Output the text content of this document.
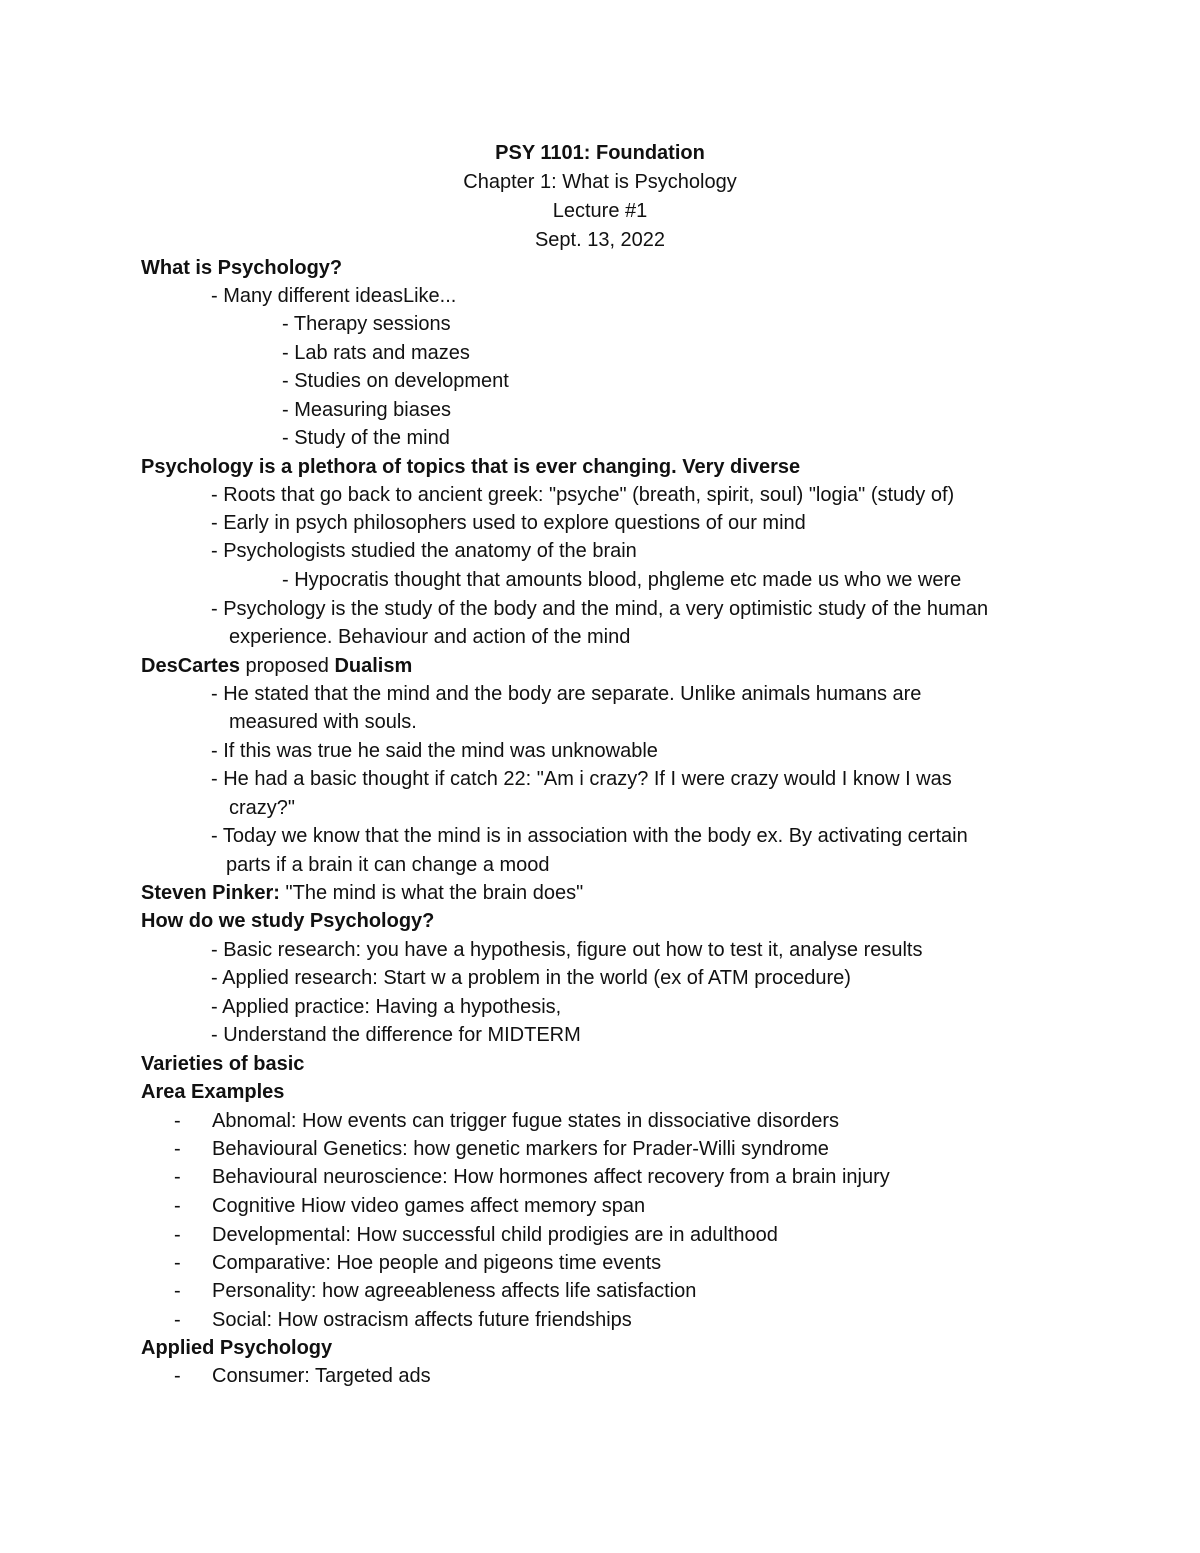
PSY 1101: Foundation
Chapter 1: What is Psychology
Lecture #1
Sept. 13, 2022
What is Psychology?
- Many different ideasLike...
- Therapy sessions
- Lab rats and mazes
- Studies on development
- Measuring biases
- Study of the mind
Psychology is a plethora of topics that is ever changing. Very diverse
- Roots that go back to ancient greek: "psyche" (breath, spirit, soul) "logia" (study of)
- Early in psych philosophers used to explore questions of our mind
- Psychologists studied the anatomy of the brain
- Hypocratis thought that amounts blood, phgleme etc made us who we were
- Psychology is the study of the body and the mind, a very optimistic study of the human
experience. Behaviour and action of the mind
DesCartes proposed Dualism
- He stated that the mind and the body are separate. Unlike animals humans are
measured with souls.
- If this was true he said the mind was unknowable
- He had a basic thought if catch 22: "Am i crazy? If I were crazy would I know I was
crazy?"
- Today we know that the mind is in association with the body ex. By activating certain
parts if a brain it can change a mood
Steven Pinker: "The mind is what the brain does"
How do we study Psychology?
- Basic research: you have a hypothesis, figure out how to test it, analyse results
- Applied research: Start w a problem in the world (ex of ATM procedure)
- Applied practice: Having a hypothesis,
- Understand the difference for MIDTERM
Varieties of basic
Area Examples
- Abnomal: How events can trigger fugue states in dissociative disorders
- Behavioural Genetics: how genetic markers for Prader-Willi syndrome
- Behavioural neuroscience: How hormones affect recovery from a brain injury
- Cognitive Hiow video games affect memory span
- Developmental: How successful child prodigies are in adulthood
- Comparative: Hoe people and pigeons time events
- Personality: how agreeableness affects life satisfaction
- Social: How ostracism affects future friendships
Applied Psychology
- Consumer: Targeted ads
